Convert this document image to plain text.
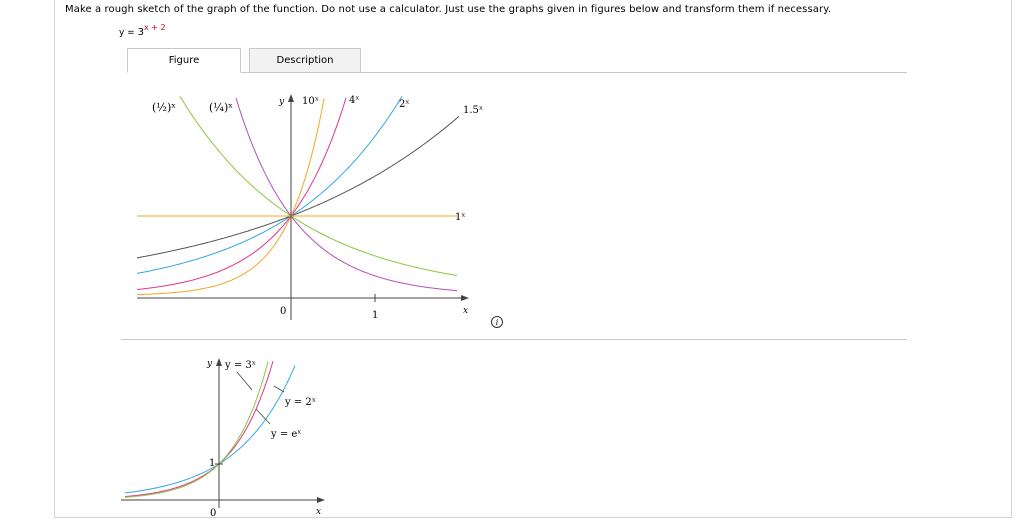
Make a rough sketch of the graph of the function. Do not use a calculator. Just use the graphs given in figures below and transform them if necessary.
y = 3x + 2
Figure	Description
(½)ˣ	(¼)ˣ	y 10ˣ	4ˣ	2ˣ
1.5ˣ
1ˣ
0	1	x
i
y y = 3ˣ
y = 2ˣ
y = eˣ
1
0	x
